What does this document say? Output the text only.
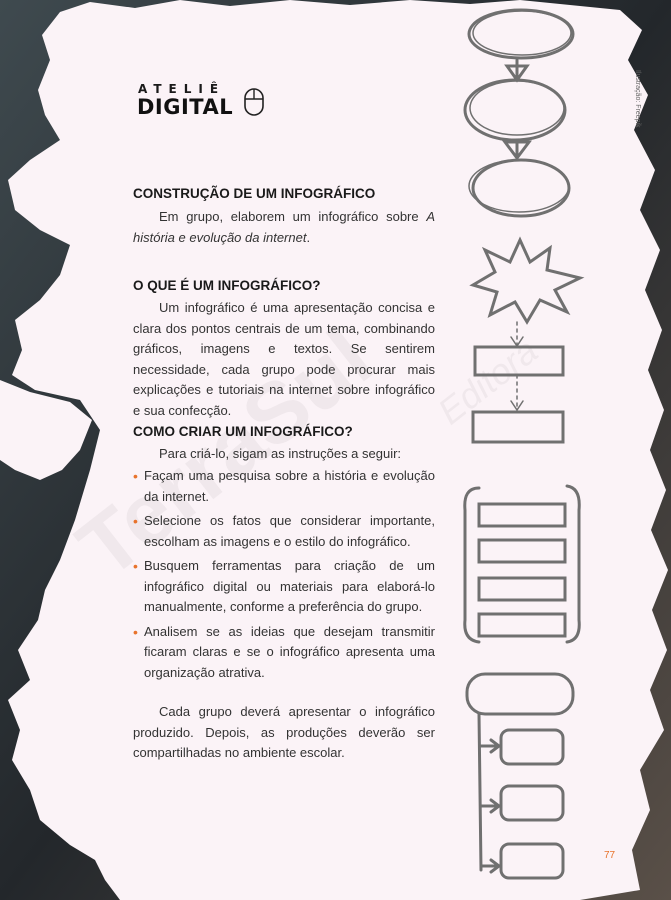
ATELIÊ
DIGITAL	Ilustração: Freepik
CONSTRUÇÃO DE UM INFOGRÁFICO
Em grupo, elaborem um infográfico sobre A história e evolução da internet.
O QUE É UM INFOGRÁFICO?
Um infográfico é uma apresentação concisa e clara dos pontos centrais de um tema, combinando gráficos, imagens e textos. Se sentirem necessidade, cada grupo pode procurar mais explicações e tutoriais na internet sobre infográfico e sua confecção.
COMO CRIAR UM INFOGRÁFICO?
Para criá-lo, sigam as instruções a seguir:
• Façam uma pesquisa sobre a história e evolução da internet.
• Selecione os fatos que considerar importante, escolham as imagens e o estilo do infográfico.
• Busquem ferramentas para criação de um infográfico digital ou materiais para elaborá-lo manualmente, conforme a preferência do grupo.
• Analisem se as ideias que desejam transmitir ficaram claras e se o infográfico apresenta uma organização atrativa.
Cada grupo deverá apresentar o infográfico produzido. Depois, as produções deverão ser compartilhadas no ambiente escolar.
77
